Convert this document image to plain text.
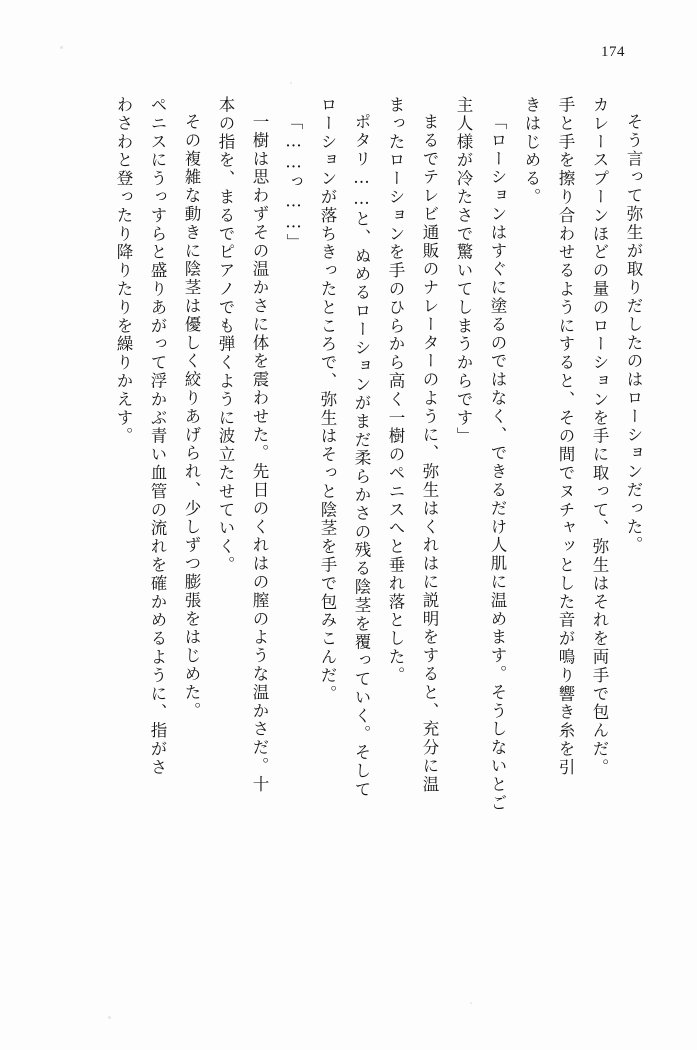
174
そう言って弥生が取りだしたのはローションだった。
カレースプーンほどの量のローションを手に取って、弥生はそれを両手で包んだ。
手と手を擦り合わせるようにすると、その間でヌチャッとした音が鳴り響き糸を引
きはじめる。
「ローションはすぐに塗るのではなく、できるだけ人肌に温めます。そうしないとご
主人様が冷たさで驚いてしまうからです」
まるでテレビ通販のナレーターのように、弥生はくれはに説明をすると、充分に温
まったローションを手のひらから高く一樹のペニスへと垂れ落とした。
ポタリ……と、ぬめるローションがまだ柔らかさの残る陰茎を覆っていく。そして
ローションが落ちきったところで、弥生はそっと陰茎を手で包みこんだ。
「……っ……」
一樹は思わずその温かさに体を震わせた。先日のくれはの膣のような温かさだ。十
本の指を、まるでピアノでも弾くように波立たせていく。
その複雑な動きに陰茎は優しく絞りあげられ、少しずつ膨張をはじめた。
ペニスにうっすらと盛りあがって浮かぶ青い血管の流れを確かめるように、指がさ
わさわと登ったり降りたりを繰りかえす。
